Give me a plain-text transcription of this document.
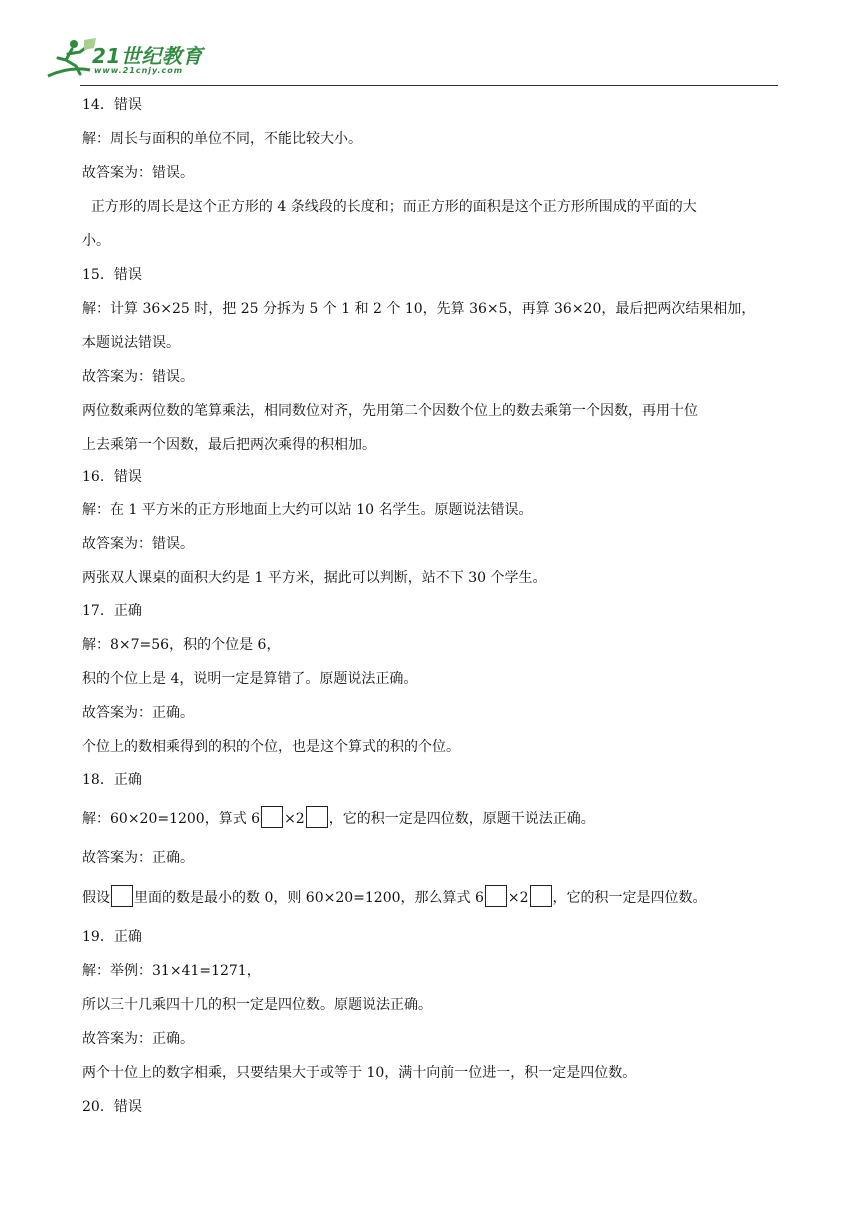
21世纪教育
www.21cnjy.com
14．错误
解：周长与面积的单位不同，不能比较大小。
故答案为：错误。
正方形的周长是这个正方形的 4 条线段的长度和；而正方形的面积是这个正方形所围成的平面的大
小。
15．错误
解：计算 36×25 时，把 25 分拆为 5 个 1 和 2 个 10，先算 36×5，再算 36×20，最后把两次结果相加，
本题说法错误。
故答案为：错误。
两位数乘两位数的笔算乘法，相同数位对齐，先用第二个因数个位上的数去乘第一个因数，再用十位
上去乘第一个因数，最后把两次乘得的积相加。
16．错误
解：在 1 平方米的正方形地面上大约可以站 10 名学生。原题说法错误。
故答案为：错误。
两张双人课桌的面积大约是 1 平方米，据此可以判断，站不下 30 个学生。
17．正确
解：8×7=56，积的个位是 6，
积的个位上是 4，说明一定是算错了。原题说法正确。
故答案为：正确。
个位上的数相乘得到的积的个位，也是这个算式的积的个位。
18．正确
解：60×20=1200，算式 6 ×2 ，它的积一定是四位数，原题干说法正确。
故答案为：正确。
假设 里面的数是最小的数 0，则 60×20=1200，那么算式 6 ×2 ，它的积一定是四位数。
19．正确
解：举例：31×41=1271，
所以三十几乘四十几的积一定是四位数。原题说法正确。
故答案为：正确。
两个十位上的数字相乘，只要结果大于或等于 10，满十向前一位进一，积一定是四位数。
20．错误
